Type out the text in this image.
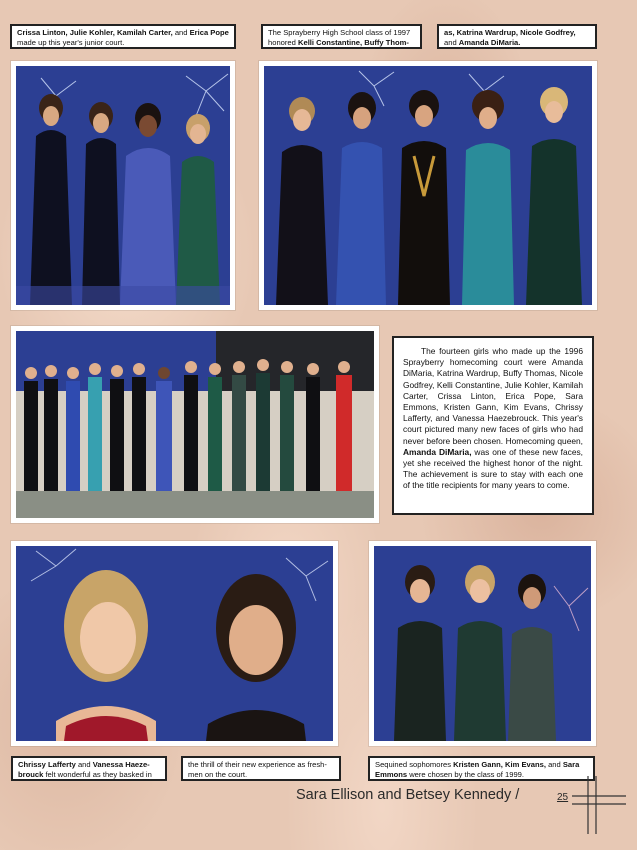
Crissa Linton, Julie Kohler, Kamilah Carter, and Erica Pope made up this year's junior court.
The Sprayberry High School class of 1997 honored Kelli Constantine, Buffy Thom-
as, Katrina Wardrup, Nicole Godfrey, and Amanda DiMaria.
The fourteen girls who made up the 1996 Sprayberry homecoming court were Amanda DiMaria, Katrina Wardrup, Buffy Thomas, Nicole Godfrey, Kelli Constantine, Julie Kohler, Kamilah Carter, Crissa Linton, Erica Pope, Sara Emmons, Kristen Gann, Kim Evans, Chrissy Lafferty, and Vanessa Haezebrouck. This year's court pictured many new faces of girls who had never before been chosen. Homecoming queen, Amanda DiMaria, was one of these new faces, yet she received the highest honor of the night. The achievement is sure to stay with each one of the title recipients for many years to come.
Chrissy Lafferty and Vanessa Haeze-brouck felt wonderful as they basked in
the thrill of their new experience as fresh-men on the court.
Sequined sophomores Kristen Gann, Kim Evans, and Sara Emmons were chosen by the class of 1999.
Sara Ellison and Betsey Kennedy /	25
